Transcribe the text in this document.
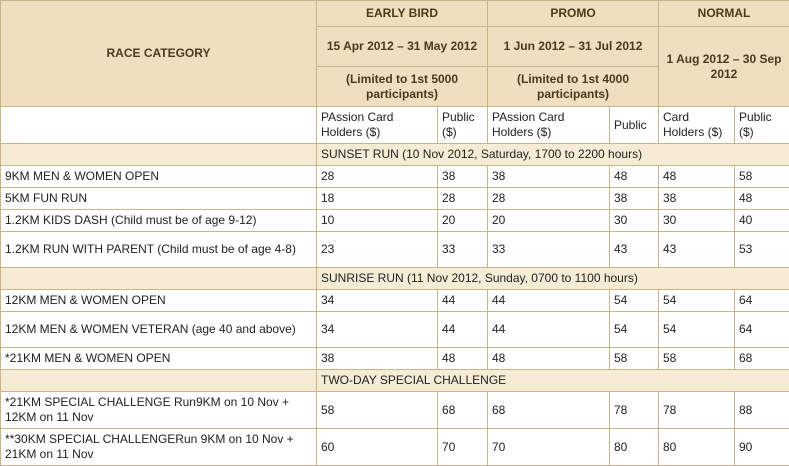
RACE CATEGORY	EARLY BIRD		PROMO		NORMAL	
	15 Apr 2012 – 31 May 2012		1 Jun 2012 – 31 Jul 2012		1 Aug 2012 – 30 Sep 2012	
	(Limited to 1st 5000 participants)		(Limited to 1st 4000 participants)			
	PAssion Card Holders ($)	Public ($)	PAssion Card Holders ($)	Public	Card Holders ($)	Public ($)
	SUNSET RUN (10 Nov 2012, Saturday, 1700 to 2200 hours)					
9KM MEN & WOMEN OPEN	28	38	38	48	48	58
5KM FUN RUN	18	28	28	38	38	48
1.2KM KIDS DASH (Child must be of age 9-12)	10	20	20	30	30	40
1.2KM RUN WITH PARENT (Child must be of age 4-8)	23	33	33	43	43	53
	SUNRISE RUN (11 Nov 2012, Sunday, 0700 to 1100 hours)					
12KM MEN & WOMEN OPEN	34	44	44	54	54	64
12KM MEN & WOMEN VETERAN (age 40 and above)	34	44	44	54	54	64
*21KM MEN & WOMEN OPEN	38	48	48	58	58	68
	TWO-DAY SPECIAL CHALLENGE					
*21KM SPECIAL CHALLENGE Run9KM on 10 Nov + 12KM on 11 Nov	58	68	68	78	78	88
**30KM SPECIAL CHALLENGERun 9KM on 10 Nov + 21KM on 11 Nov	60	70	70	80	80	90
